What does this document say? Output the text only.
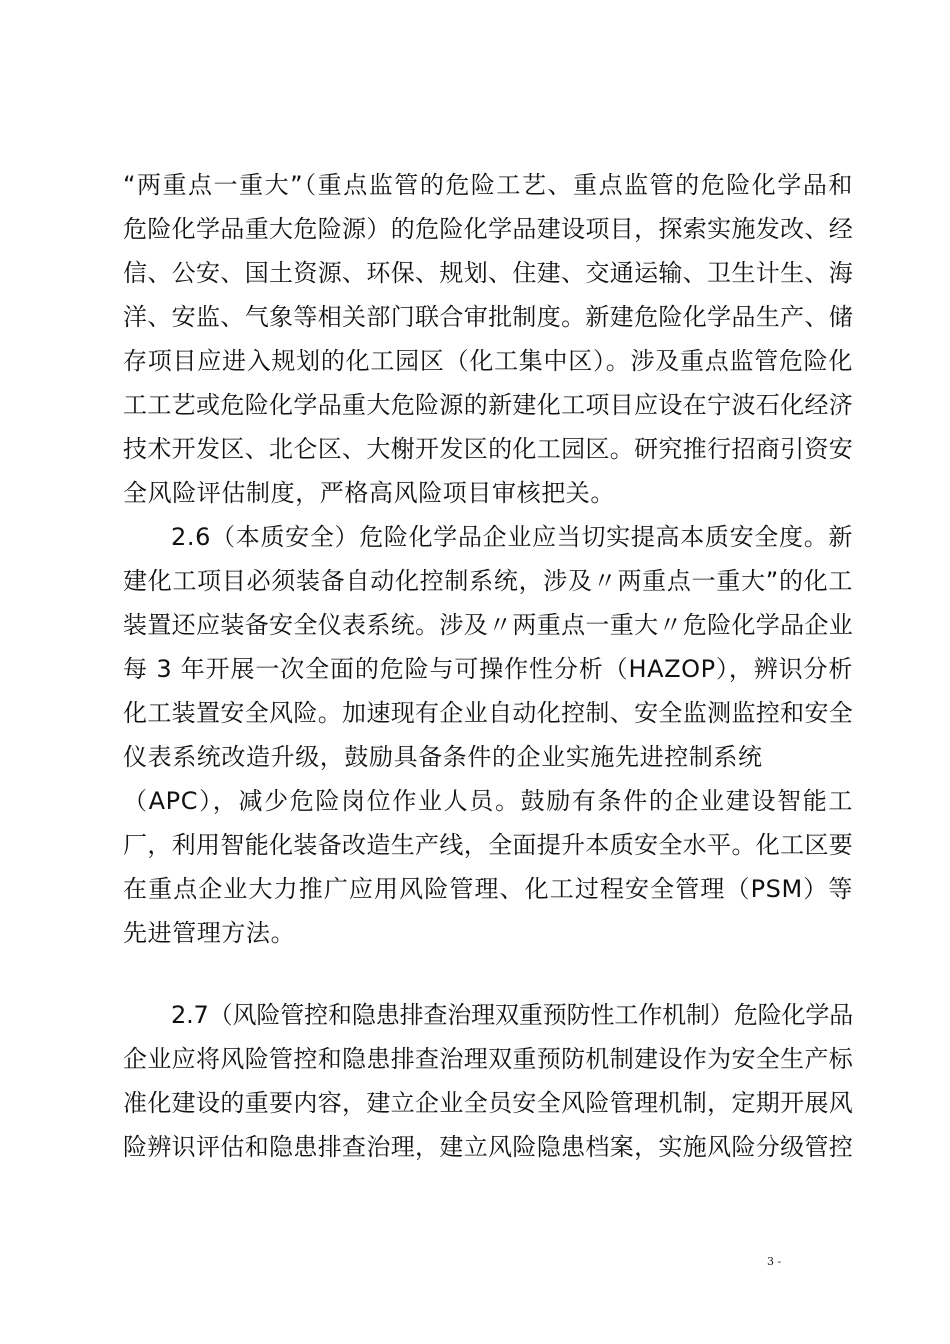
“两重点一重大”（重点监管的危险工艺、重点监管的危险化学品和
危险化学品重大危险源）的危险化学品建设项目，探索实施发改、经
信、公安、国土资源、环保、规划、住建、交通运输、卫生计生、海
洋、安监、气象等相关部门联合审批制度。新建危险化学品生产、储
存项目应进入规划的化工园区（化工集中区）。涉及重点监管危险化
工工艺或危险化学品重大危险源的新建化工项目应设在宁波石化经济
技术开发区、北仑区、大榭开发区的化工园区。研究推行招商引资安
全风险评估制度，严格高风险项目审核把关。
2.6（本质安全）危险化学品企业应当切实提高本质安全度。新
建化工项目必须装备自动化控制系统，涉及〃两重点一重大”的化工
装置还应装备安全仪表系统。涉及〃两重点一重大〃危险化学品企业
每 3 年开展一次全面的危险与可操作性分析（HAZOP），辨识分析
化工装置安全风险。加速现有企业自动化控制、安全监测监控和安全
仪表系统改造升级，鼓励具备条件的企业实施先进控制系统
（APC），减少危险岗位作业人员。鼓励有条件的企业建设智能工
厂，利用智能化装备改造生产线，全面提升本质安全水平。化工区要
在重点企业大力推广应用风险管理、化工过程安全管理（PSM）等
先进管理方法。
2.7（风险管控和隐患排查治理双重预防性工作机制）危险化学品
企业应将风险管控和隐患排查治理双重预防机制建设作为安全生产标
准化建设的重要内容，建立企业全员安全风险管理机制，定期开展风
险辨识评估和隐患排查治理，建立风险隐患档案，实施风险分级管控
3 -
